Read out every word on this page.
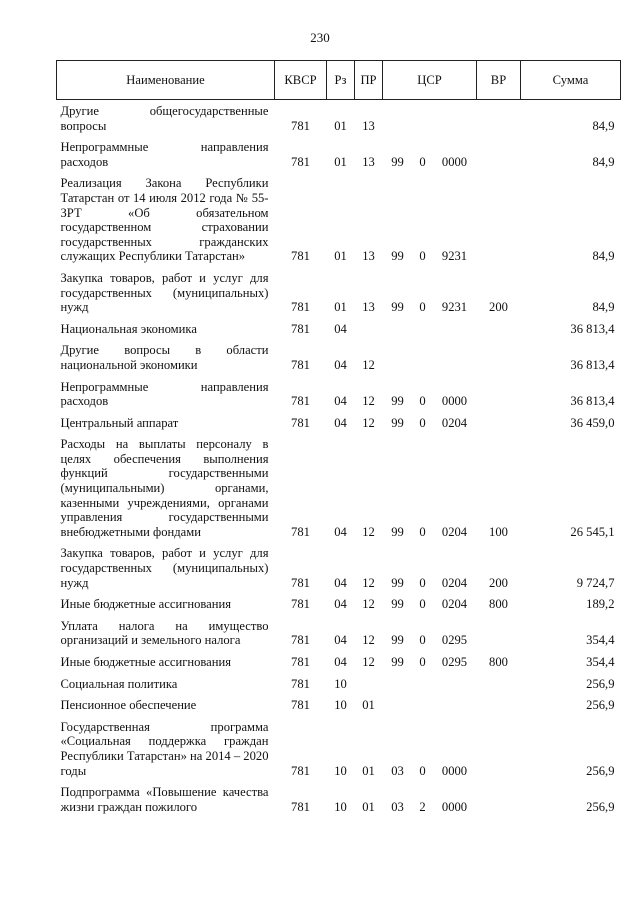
230
Наименование	КВСР	Рз	ПР	ЦСР			ВР	Сумма
Другие общегосударственные вопросы	781	01	13					84,9
Непрограммные направления расходов	781	01	13	99	0	0000		84,9
Реализация Закона Республики Татарстан от 14 июля 2012 года № 55-ЗРТ «Об обязательном государственном страховании государственных гражданских служащих Республики Татарстан»	781	01	13	99	0	9231		84,9
Закупка товаров, работ и услуг для государственных (муниципальных) нужд	781	01	13	99	0	9231	200	84,9
Национальная экономика	781	04						36 813,4
Другие вопросы в области национальной экономики	781	04	12					36 813,4
Непрограммные направления расходов	781	04	12	99	0	0000		36 813,4
Центральный аппарат	781	04	12	99	0	0204		36 459,0
Расходы на выплаты персоналу в целях обеспечения выполнения функций государственными (муниципальными) органами, казенными учреждениями, органами управления государственными внебюджетными фондами	781	04	12	99	0	0204	100	26 545,1
Закупка товаров, работ и услуг для государственных (муниципальных) нужд	781	04	12	99	0	0204	200	9 724,7
Иные бюджетные ассигнования	781	04	12	99	0	0204	800	189,2
Уплата налога на имущество организаций и земельного налога	781	04	12	99	0	0295		354,4
Иные бюджетные ассигнования	781	04	12	99	0	0295	800	354,4
Социальная политика	781	10						256,9
Пенсионное обеспечение	781	10	01					256,9
Государственная программа «Социальная поддержка граждан Республики Татарстан» на 2014 – 2020 годы	781	10	01	03	0	0000		256,9
Подпрограмма «Повышение качества жизни граждан пожилого	781	10	01	03	2	0000		256,9
